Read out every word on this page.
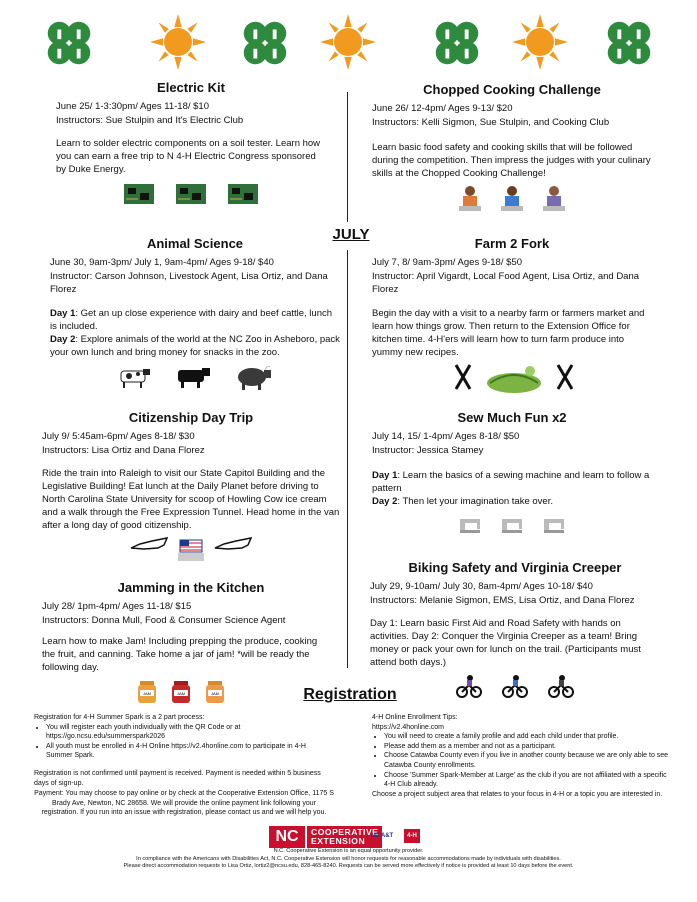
Electric Kit
June 25/ 1-3:30pm/ Ages 11-18/ $10
Instructors: Sue Stulpin and It's Electric Club
Learn to solder electric components on a soil tester. Learn how you can earn a free trip to N 4-H Electric Congress sponsored by Duke Energy.
Chopped Cooking Challenge
June 26/ 12-4pm/ Ages 9-13/ $20
Instructors: Kelli Sigmon, Sue Stulpin, and Cooking Club
Learn basic food safety and cooking skills that will be followed during the competition. Then impress the judges with your culinary skills at the Chopped Cooking Challenge!
JULY
Animal Science
June 30, 9am-3pm/ July 1, 9am-4pm/ Ages 9-18/ $40
Instructor: Carson Johnson, Livestock Agent, Lisa Ortiz, and Dana Florez
Day 1: Get an up close experience with dairy and beef cattle, lunch is included.
Day 2: Explore animals of the world at the NC Zoo in Asheboro, pack your own lunch and bring money for snacks in the zoo.
Farm 2 Fork
July 7, 8/ 9am-3pm/ Ages 9-18/ $50
Instructor: April Vigardt, Local Food Agent, Lisa Ortiz, and Dana Florez
Begin the day with a visit to a nearby farm or farmers market and learn how things grow. Then return to the Extension Office for kitchen time. 4-H'ers will learn how to turn farm produce into yummy new recipes.
Citizenship Day Trip
July 9/ 5:45am-6pm/ Ages 8-18/ $30
Instructors: Lisa Ortiz and Dana Florez
Ride the train into Raleigh to visit our State Capitol Building and the Legislative Building! Eat lunch at the Daily Planet before driving to North Carolina State University for scoop of Howling Cow ice cream and a walk through the Free Expression Tunnel. Head home in the van after a long day of good citizenship.
Sew Much Fun x2
July 14, 15/ 1-4pm/ Ages 8-18/ $50
Instructor: Jessica Stamey
Day 1: Learn the basics of a sewing machine and learn to follow a pattern
Day 2: Then let your imagination take over.
Jamming in the Kitchen
July 28/ 1pm-4pm/ Ages 11-18/ $15
Instructors: Donna Mull, Food & Consumer Science Agent
Learn how to make Jam! Including prepping the produce, cooking the fruit, and canning. Take home a jar of jam! *will be ready the following day.
JAM	JAM	JAM
Biking Safety and Virginia Creeper
July 29, 9-10am/ July 30, 8am-4pm/ Ages 10-18/ $40
Instructors: Melanie Sigmon, EMS, Lisa Ortiz, and Dana Florez
Day 1: Learn basic First Aid and Road Safety with hands on activities. Day 2: Conquer the Virginia Creeper as a team! Bring money or pack your own for lunch on the trail. (Participants must attend both days.)
Registration
Registration for 4-H Summer Spark is a 2 part process:
• You will register each youth individually with the QR Code or at https://go.ncsu.edu/summerspark2026
• All youth must be enrolled in 4-H Online https://v2.4honline.com to participate in 4-H Summer Spark.
Registration is not confirmed until payment is received. Payment is needed within 5 business days of sign-up.
Payment: You may choose to pay online or by check at the Cooperative Extension Office, 1175 S Brady Ave, Newton, NC 28658. We will provide the online payment link following your registration. If you run into an issue with registration, please contact us and we will help you.
4-H Online Enrollment Tips:
https://v2.4honline.com
• You will need to create a family profile and add each child under that profile.
• Please add them as a member and not as a participant.
• Choose Catawba County even if you live in another county because we are only able to see Catawba County enrollments.
• Choose 'Summer Spark-Member at Large' as the club if you are not affiliated with a specific 4-H Club already.
Choose a project subject area that relates to your focus in 4-H or a topic you are interested in.
NC	COOPERATIVE
EXTENSION NC A&T	4-H
N.C. Cooperative Extension is an equal opportunity provider.
In compliance with the Americans with Disabilities Act, N.C. Cooperative Extension will honor requests for reasonable accommodations made by individuals with disabilities.
Please direct accommodation requests to Lisa Ortiz, lortiz2@ncsu.edu, 828-465-8240. Requests can be served more effectively if notice is provided at least 10 days before the event.
